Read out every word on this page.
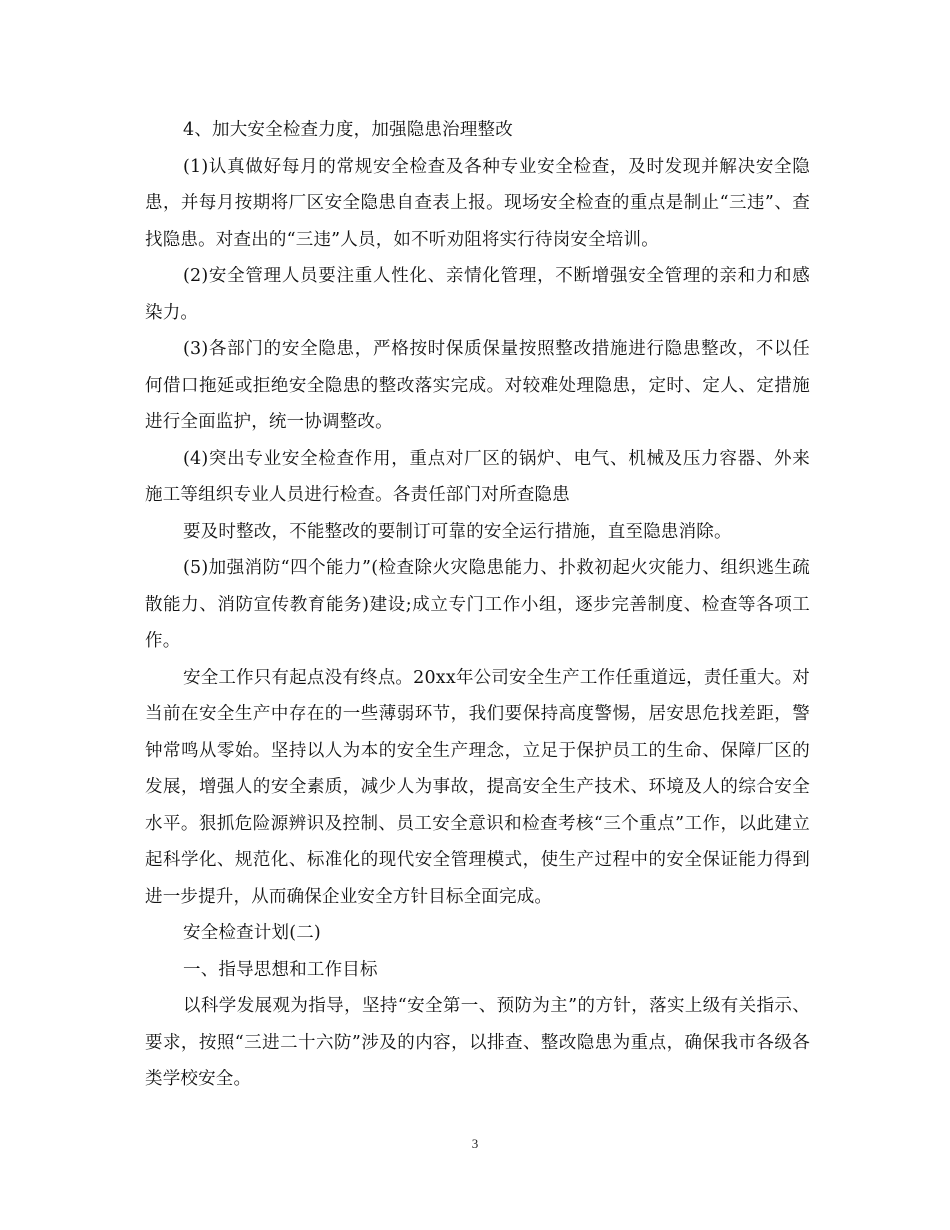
4、加大安全检查力度，加强隐患治理整改

(1)认真做好每月的常规安全检查及各种专业安全检查，及时发现并解决安全隐患，并每月按期将厂区安全隐患自查表上报。现场安全检查的重点是制止“三违”、查找隐患。对查出的“三违”人员，如不听劝阻将实行待岗安全培训。

(2)安全管理人员要注重人性化、亲情化管理，不断增强安全管理的亲和力和感染力。

(3)各部门的安全隐患，严格按时保质保量按照整改措施进行隐患整改，不以任何借口拖延或拒绝安全隐患的整改落实完成。对较难处理隐患，定时、定人、定措施进行全面监护，统一协调整改。

(4)突出专业安全检查作用，重点对厂区的锅炉、电气、机械及压力容器、外来施工等组织专业人员进行检查。各责任部门对所查隐患

要及时整改，不能整改的要制订可靠的安全运行措施，直至隐患消除。

(5)加强消防“四个能力”(检查除火灾隐患能力、扑救初起火灾能力、组织逃生疏散能力、消防宣传教育能务)建设;成立专门工作小组，逐步完善制度、检查等各项工作。

安全工作只有起点没有终点。20xx年公司安全生产工作任重道远，责任重大。对当前在安全生产中存在的一些薄弱环节，我们要保持高度警惕，居安思危找差距，警钟常鸣从零始。坚持以人为本的安全生产理念，立足于保护员工的生命、保障厂区的发展，增强人的安全素质，减少人为事故，提高安全生产技术、环境及人的综合安全水平。狠抓危险源辨识及控制、员工安全意识和检查考核“三个重点”工作，以此建立起科学化、规范化、标准化的现代安全管理模式，使生产过程中的安全保证能力得到进一步提升，从而确保企业安全方针目标全面完成。

安全检查计划(二)

一、指导思想和工作目标

以科学发展观为指导，坚持“安全第一、预防为主”的方针，落实上级有关指示、要求，按照“三进二十六防”涉及的内容，以排查、整改隐患为重点，确保我市各级各类学校安全。

3
